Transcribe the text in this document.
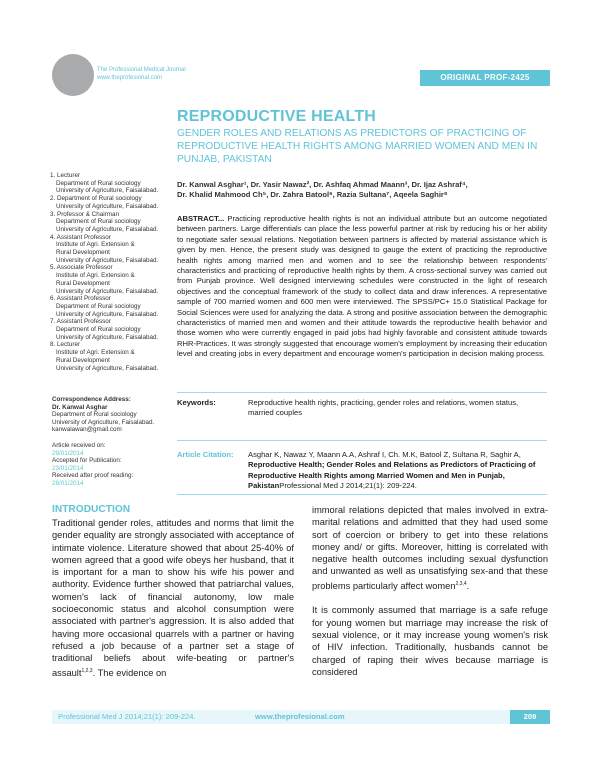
The Professional Medical Journal
www.theprofesional.com	ORIGINAL PROF-2425
REPRODUCTIVE HEALTH
GENDER ROLES AND RELATIONS AS PREDICTORS OF PRACTICING OF REPRODUCTIVE HEALTH RIGHTS AMONG MARRIED WOMEN AND MEN IN PUNJAB, PAKISTAN
Dr. Kanwal Asghar¹, Dr. Yasir Nawaz², Dr. Ashfaq Ahmad Maann³, Dr. Ijaz Ashraf⁴,
Dr. Khalid Mahmood Ch⁵, Dr. Zahra Batool⁶, Razia Sultana⁷, Aqeela Saghir⁸
1. Lecturer
Department of Rural sociology
University of Agriculture, Faisalabad.
2. Department of Rural sociology
University of Agriculture, Faisalabad.
3. Professor & Chairman
Department of Rural sociology
University of Agriculture, Faisalabad.
4. Assistant Professor
Institute of Agri. Extension &
Rural Development
University of Agriculture, Faisalabad.
5. Associate Professor
Institute of Agri. Extension &
Rural Development
University of Agriculture, Faisalabad.
6. Assistant Professor
Department of Rural sociology
University of Agriculture, Faisalabad.
7. Assistant Professor
Department of Rural sociology
University of Agriculture, Faisalabad.
8. Lecturer
Institute of Agri. Extension &
Rural Development
University of Agriculture, Faisalabad.
Correspondence Address:
Dr. Kanwal Asghar
Department of Rural sociology
University of Agriculture, Faisalabad.
kanwalawan@gmail.com
Article received on:
29/01/2014
Accepted for Publication:
23/01/2014
Received after proof reading:
28/01/2014
ABSTRACT... Practicing reproductive health rights is not an individual attribute but an outcome negotiated between partners. Large differentials can place the less powerful partner at risk by reducing his or her ability to negotiate safer sexual relations. Negotiation between partners is affected by material assistance which is given by men. Hence, the present study was designed to gauge the extent of practicing the reproductive health rights among married men and women and to see the relationship between respondents' characteristics and practicing of reproductive health rights by them. A cross-sectional survey was carried out from Punjab province. Well designed interviewing schedules were constructed in the light of research objectives and the conceptual framework of the study to collect data and draw inferences. A representative sample of 700 married women and 600 men were interviewed. The SPSS/PC+ 15.0 Statistical Package for Social Sciences were used for analyzing the data. A strong and positive association between the demographic characteristics of married men and women and their attitude towards the reproductive health behavior and those women who were currently engaged in paid jobs had highly favorable and consistent attitude towards RHR-Practices. It was strongly suggested that encourage women's employment by increasing their education level and creating jobs in every department and encourage women's participation in decision making process.
Keywords:	Reproductive health rights, practicing, gender roles and relations, women status, married couples
Article Citation: Asghar K, Nawaz Y, Maann A.A, Ashraf I, Ch. M.K, Batool Z, Sultana R, Saghir A, Reproductive Health; Gender Roles and Relations as Predictors of Practicing of Reproductive Health Rights among Married Women and Men in Punjab, PakistanProfessional Med J 2014;21(1): 209-224.
INTRODUCTION
Traditional gender roles, attitudes and norms that limit the gender equality are strongly associated with acceptance of intimate violence. Literature showed that about 25-40% of women agreed that a good wife obeys her husband, that it is important for a man to show his wife his power and authority. Evidence further showed that patriarchal values, women's lack of financial autonomy, low male socioeconomic status and alcohol consumption were associated with partner's aggression. It is also added that having more occasional quarrels with a partner or having refused a job because of a partner set a stage of traditional beliefs about wife-beating or partner's assault$^{1,2,3}$. The evidence on

immoral relations depicted that males involved in extra-marital relations and admitted that they had used some sort of coercion or bribery to get into these relations money and/ or gifts. Moreover, hitting is correlated with negative health outcomes including sexual dysfunction and unwanted as well as unsatisfying sex-and that these problems particularly affect women$^{2,3,4}$.

It is commonly assumed that marriage is a safe refuge for young women but marriage may increase the risk of sexual violence, or it may increase young women's risk of HIV infection. Traditionally, husbands cannot be charged of raping their wives because marriage is considered

Professional Med J 2014;21(1): 209-224.	www.theprofesional.com	209
